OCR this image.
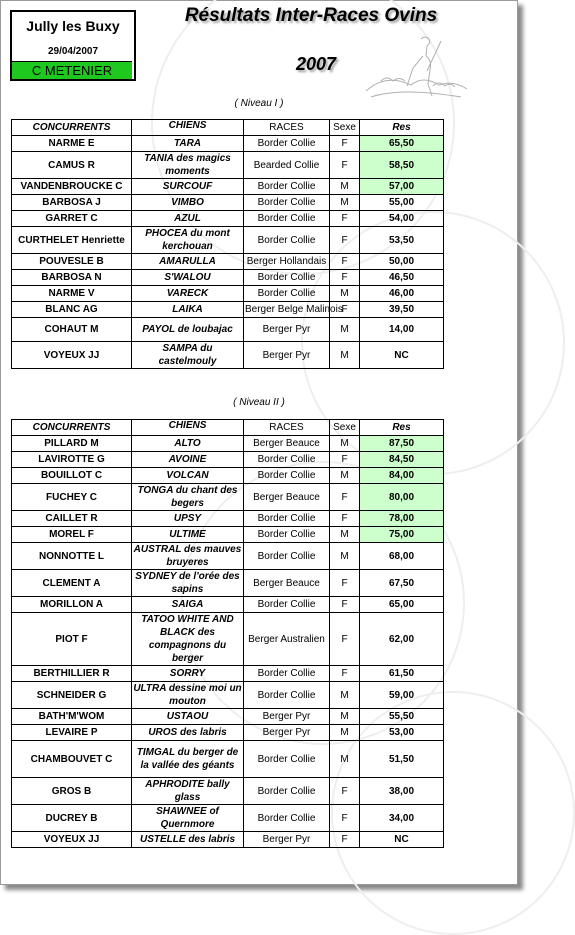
Jully les Buxy
29/04/2007
C METENIER
Résultats Inter-Races Ovins
2007
( Niveau I )
CONCURRENTS	CHIENS	RACES	Sexe	Res
NARME E	TARA	Border Collie	F	65,50
CAMUS R	TANIA des magics moments	Bearded Collie	F	58,50
VANDENBROUCKE C	SURCOUF	Border Collie	M	57,00
BARBOSA J	VIMBO	Border Collie	M	55,00
GARRET C	AZUL	Border Collie	F	54,00
CURTHELET Henriette	PHOCEA du mont kerchouan	Border Collie	F	53,50
POUVESLE B	AMARULLA	Berger Hollandais	F	50,00
BARBOSA N	S'WALOU	Border Collie	F	46,50
NARME V	VARECK	Border Collie	M	46,00
BLANC AG	LAIKA	Berger Belge Malinois	F	39,50
COHAUT M	PAYOL de loubajac	Berger Pyr	M	14,00
VOYEUX JJ	SAMPA du castelmouly	Berger Pyr	M	NC
( Niveau II )
CONCURRENTS	CHIENS	RACES	Sexe	Res
PILLARD M	ALTO	Berger Beauce	M	87,50
LAVIROTTE G	AVOINE	Border Collie	F	84,50
BOUILLOT C	VOLCAN	Border Collie	M	84,00
FUCHEY C	TONGA du chant des begers	Berger Beauce	F	80,00
CAILLET R	UPSY	Border Collie	F	78,00
MOREL F	ULTIME	Border Collie	M	75,00
NONNOTTE L	AUSTRAL des mauves bruyeres	Border Collie	M	68,00
CLEMENT A	SYDNEY de l'orée des sapins	Berger Beauce	F	67,50
MORILLON A	SAIGA	Border Collie	F	65,00
PIOT F	TATOO WHITE AND BLACK des compagnons du berger	Berger Australien	F	62,00
BERTHILLIER R	SORRY	Border Collie	F	61,50
SCHNEIDER G	ULTRA dessine moi un mouton	Border Collie	M	59,00
BATH'M'WOM	USTAOU	Berger Pyr	M	55,50
LEVAIRE P	UROS des labris	Berger Pyr	M	53,00
CHAMBOUVET C	TIMGAL du berger de la vallée des géants	Border Collie	M	51,50
GROS B	APHRODITE bally glass	Border Collie	F	38,00
DUCREY B	SHAWNEE of Quernmore	Border Collie	F	34,00
VOYEUX JJ	USTELLE des labris	Berger Pyr	F	NC
